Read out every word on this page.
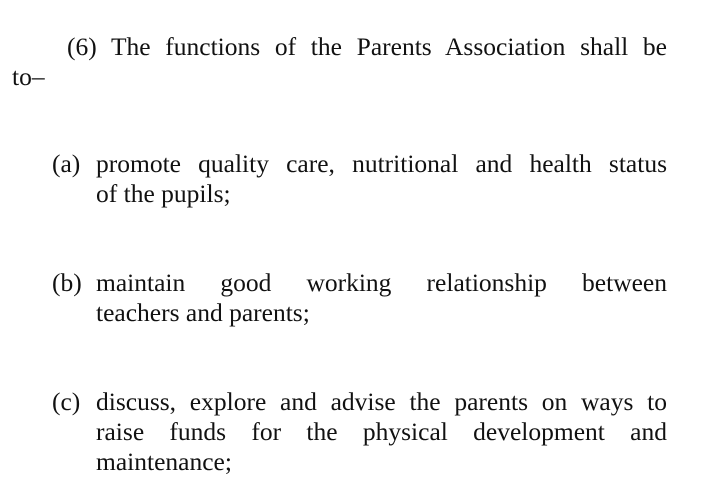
(6) The functions of the Parents Association shall be
to–
(a) promote quality care, nutritional and health status
of the pupils;
(b) maintain good working relationship between
teachers and parents;
(c) discuss, explore and advise the parents on ways to
raise funds for the physical development and
maintenance;
